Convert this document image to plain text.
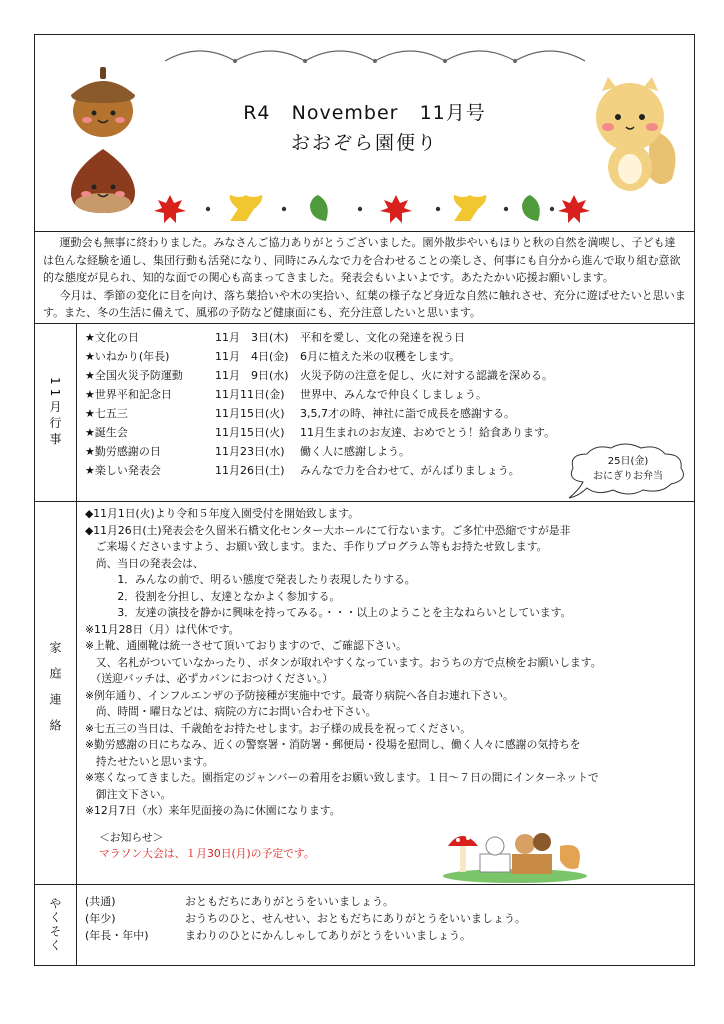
R4   November   11月号
おおぞら園便り

運動会も無事に終わりました。みなさんご協力ありがとうございました。園外散歩やいもほりと秋の自然を満喫し、子ども達は色んな経験を通し、集団行動も活発になり、同時にみんなで力を合わせることの楽しさ、何事にも自分から進んで取り組む意欲的な態度が見られ、知的な面での関心も高まってきました。発表会もいよいよです。あたたかい応援お願いします。

今月は、季節の変化に目を向け、落ち葉拾いや木の実拾い、紅葉の様子など身近な自然に触れさせ、充分に遊ばせたいと思います。また、冬の生活に備えて、風邪の予防など健康面にも、充分注意したいと思います。

11月行事
★文化の日	11月　3日(木)	平和を愛し、文化の発達を祝う日
★いねかり(年長)	11月　4日(金)	6月に植えた米の収穫をします。
★全国火災予防運動	11月　9日(水)	火災予防の注意を促し、火に対する認識を深める。
★世界平和記念日	11月11日(金)	世界中、みんなで仲良くしましょう。
★七五三	11月15日(火)	3,5,7才の時、神社に詣で成長を感謝する。
★誕生会	11月15日(火)	11月生まれのお友達、おめでとう！給食あります。
★勤労感謝の日	11月23日(水)	働く人に感謝しよう。
★楽しい発表会	11月26日(土)	みんなで力を合わせて、がんばりましょう。
25日(金)
おにぎりお弁当
家庭連絡
◆11月1日(火)より令和５年度入園受付を開始致します。
◆11月26日(土)発表会を久留米石橋文化センター大ホールにて行ないます。ご多忙中恐縮ですが是非
　ご来場くださいますよう、お願い致します。また、手作りプログラム等もお持たせ致します。
　尚、当日の発表会は、
　　　1．みんなの前で、明るい態度で発表したり表現したりする。
　　　2．役割を分担し、友達となかよく参加する。
　　　3．友達の演技を静かに興味を持ってみる。・・・以上のようことを主なねらいとしています。
※11月28日（月）は代休です。
※上靴、通園靴は統一させて頂いておりますので、ご確認下さい。
　又、名札がついていなかったり、ボタンが取れやすくなっています。おうちの方で点検をお願いします。
　（送迎バッチは、必ずカバンにおつけください。）
※例年通り、インフルエンザの予防接種が実施中です。最寄り病院へ各自お連れ下さい。
　尚、時間・曜日などは、病院の方にお問い合わせ下さい。
※七五三の当日は、千歳飴をお持たせします。お子様の成長を祝ってください。
※勤労感謝の日にちなみ、近くの警察署・消防署・郵便局・役場を慰問し、働く人々に感謝の気持ちを
　持たせたいと思います。
※寒くなってきました。園指定のジャンバーの着用をお願い致します。１日～７日の間にインターネットで
　御注文下さい。
※12月7日（水）来年児面接の為に休園になります。
＜お知らせ＞
マラソン大会は、１月30日(月)の予定です。
やくそく (共通)	おともだちにありがとうをいいましょう。
(年少)	おうちのひと、せんせい、おともだちにありがとうをいいましょう。
(年長・年中)	まわりのひとにかんしゃしてありがとうをいいましょう。
